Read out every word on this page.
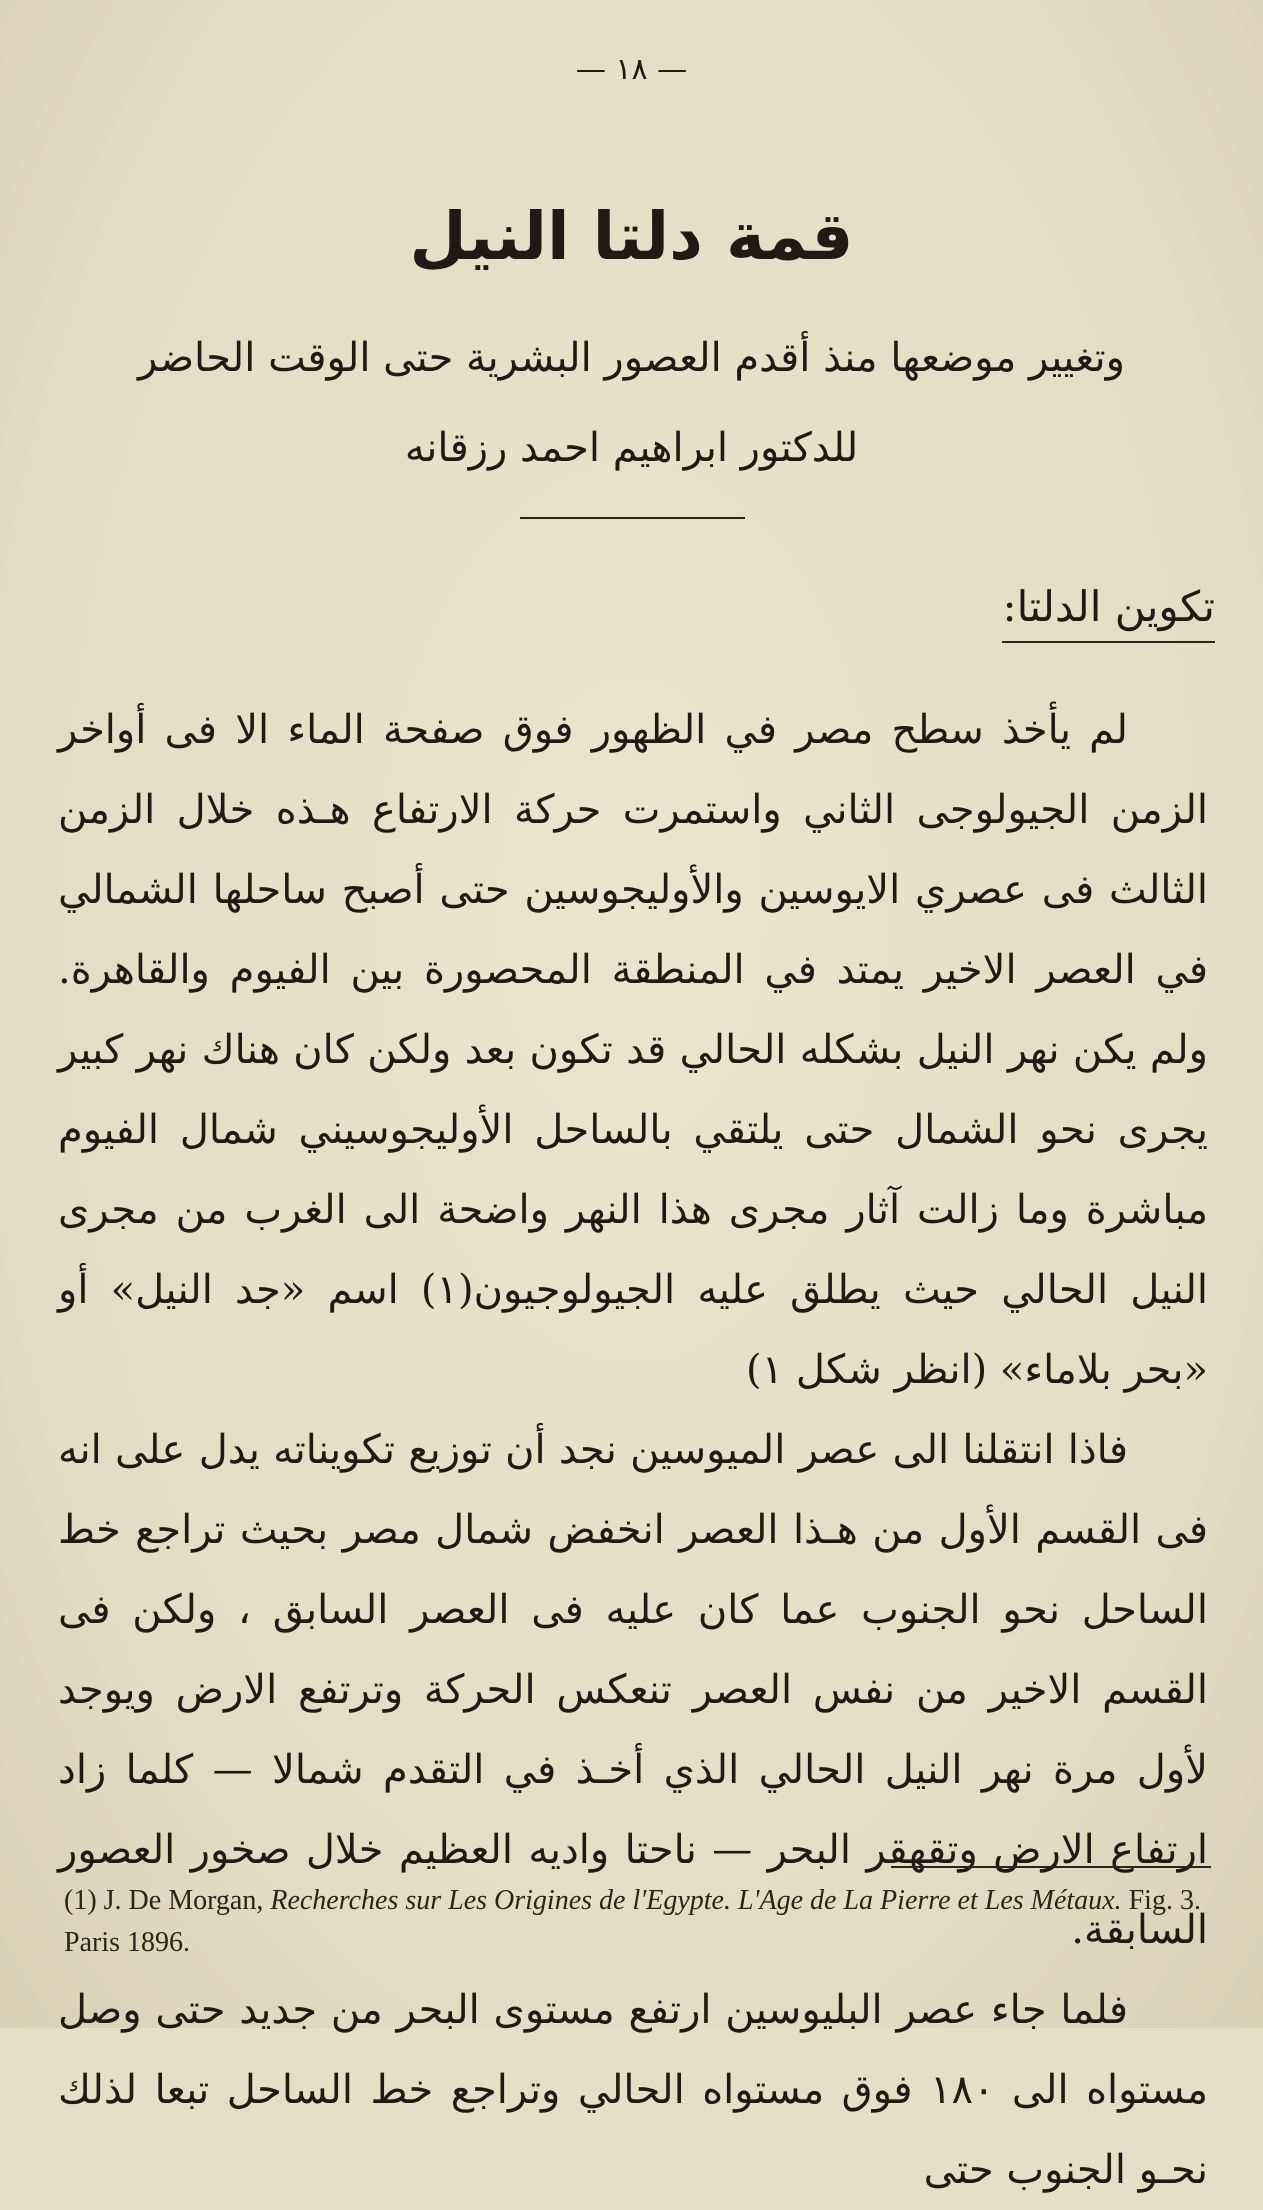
— ١٨ —
قمة دلتا النيل
وتغيير موضعها منذ أقدم العصور البشرية حتى الوقت الحاضر
للدكتور ابراهيم احمد رزقانه
تكوين الدلتا:

لم يأخذ سطح مصر في الظهور فوق صفحة الماء الا فى أواخر الزمن الجيولوجى الثاني واستمرت حركة الارتفاع هـذه خلال الزمن الثالث فى عصري الايوسين والأوليجوسين حتى أصبح ساحلها الشمالي في العصر الاخير يمتد في المنطقة المحصورة بين الفيوم والقاهرة. ولم يكن نهر النيل بشكله الحالي قد تكون بعد ولكن كان هناك نهر كبير يجرى نحو الشمال حتى يلتقي بالساحل الأوليجوسيني شمال الفيوم مباشرة وما زالت آثار مجرى هذا النهر واضحة الى الغرب من مجرى النيل الحالي حيث يطلق عليه الجيولوجيون(١) اسم «جد النيل» أو «بحر بلاماء» (انظر شكل ١)

فاذا انتقلنا الى عصر الميوسين نجد أن توزيع تكويناته يدل على انه فى القسم الأول من هـذا العصر انخفض شمال مصر بحيث تراجع خط الساحل نحو الجنوب عما كان عليه فى العصر السابق ، ولكن فى القسم الاخير من نفس العصر تنعكس الحركة وترتفع الارض ويوجد لأول مرة نهر النيل الحالي الذي أخـذ في التقدم شمالا — كلما زاد ارتفاع الارض وتقهقر البحر — ناحتا واديه العظيم خلال صخور العصور السابقة.

فلما جاء عصر البليوسين ارتفع مستوى البحر من جديد حتى وصل مستواه الى ١٨٠ فوق مستواه الحالي وتراجع خط الساحل تبعا لذلك نحـو الجنوب حتى

(1) J. De Morgan, Recherches sur Les Origines de l'Egypte. L'Age de La Pierre et Les Métaux. Fig. 3. Paris 1896.
